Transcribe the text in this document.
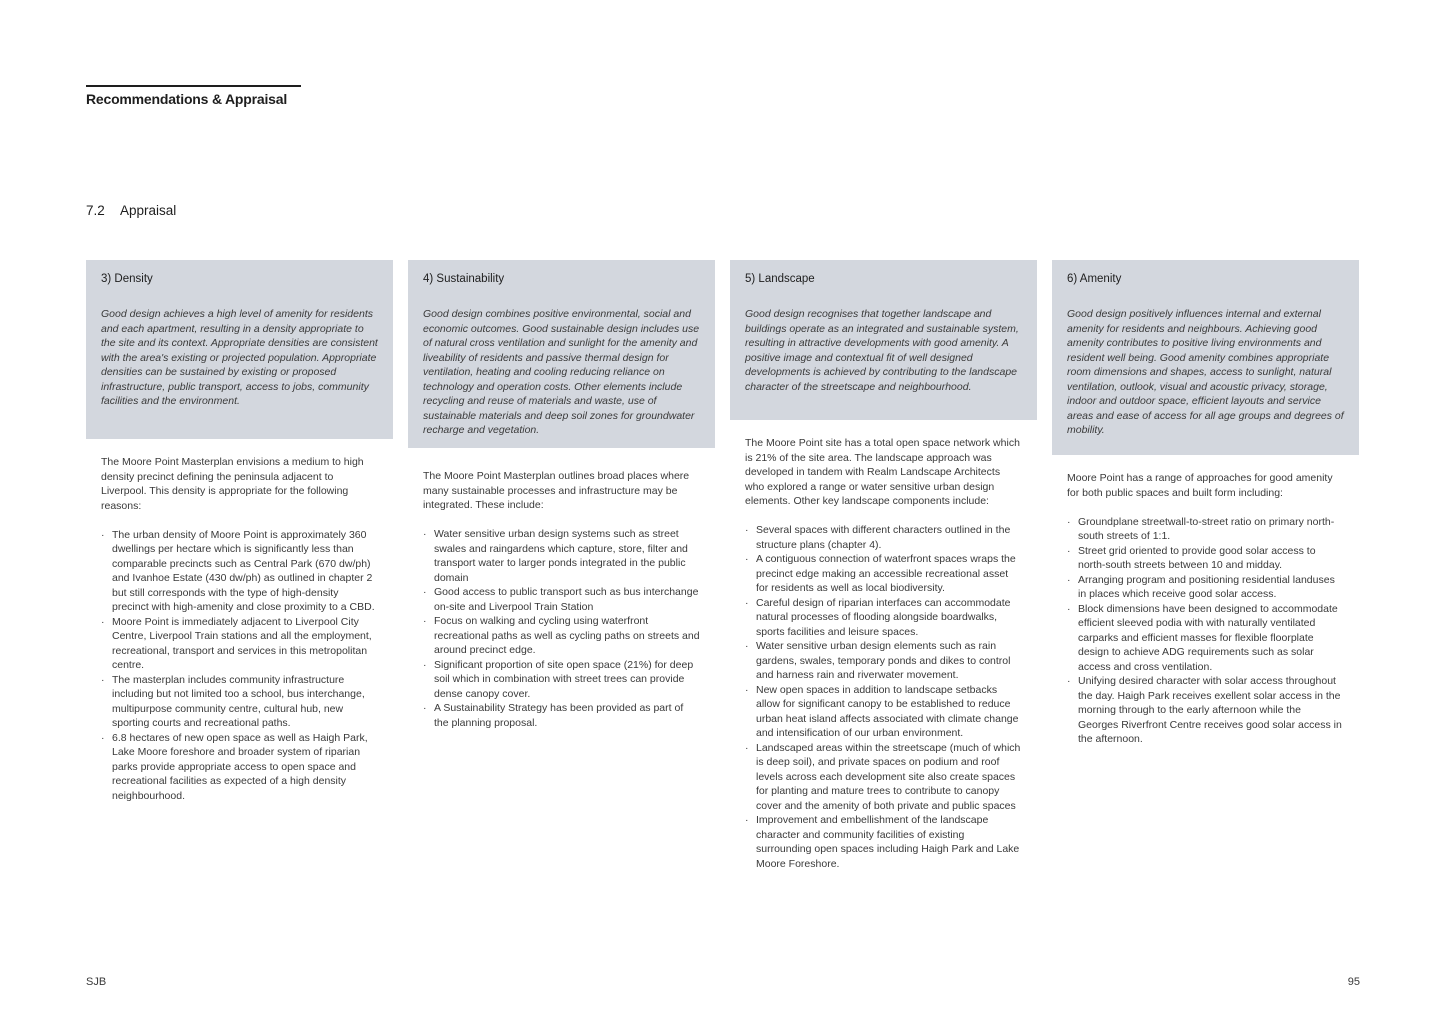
Recommendations & Appraisal
7.2 Appraisal
3) Density

Good design achieves a high level of amenity for residents and each apartment, resulting in a density appropriate to the site and its context. Appropriate densities are consistent with the area's existing or projected population. Appropriate densities can be sustained by existing or proposed infrastructure, public transport, access to jobs, community facilities and the environment.

The Moore Point Masterplan envisions a medium to high density precinct defining the peninsula adjacent to Liverpool. This density is appropriate for the following reasons:

· The urban density of Moore Point is approximately 360 dwellings per hectare which is significantly less than comparable precincts such as Central Park (670 dw/ph) and Ivanhoe Estate (430 dw/ph) as outlined in chapter 2 but still corresponds with the type of high-density precinct with high-amenity and close proximity to a CBD.
· Moore Point is immediately adjacent to Liverpool City Centre, Liverpool Train stations and all the employment, recreational, transport and services in this metropolitan centre.
· The masterplan includes community infrastructure including but not limited too a school, bus interchange, multipurpose community centre, cultural hub, new sporting courts and recreational paths.
· 6.8 hectares of new open space as well as Haigh Park, Lake Moore foreshore and broader system of riparian parks provide appropriate access to open space and recreational facilities as expected of a high density neighbourhood.
4) Sustainability

Good design combines positive environmental, social and economic outcomes. Good sustainable design includes use of natural cross ventilation and sunlight for the amenity and liveability of residents and passive thermal design for ventilation, heating and cooling reducing reliance on technology and operation costs. Other elements include recycling and reuse of materials and waste, use of sustainable materials and deep soil zones for groundwater recharge and vegetation.

The Moore Point Masterplan outlines broad places where many sustainable processes and infrastructure may be integrated. These include:

· Water sensitive urban design systems such as street swales and raingardens which capture, store, filter and transport water to larger ponds integrated in the public domain
· Good access to public transport such as bus interchange on-site and Liverpool Train Station
· Focus on walking and cycling using waterfront recreational paths as well as cycling paths on streets and around precinct edge.
· Significant proportion of site open space (21%) for deep soil which in combination with street trees can provide dense canopy cover.
· A Sustainability Strategy has been provided as part of the planning proposal.
5) Landscape

Good design recognises that together landscape and buildings operate as an integrated and sustainable system, resulting in attractive developments with good amenity. A positive image and contextual fit of well designed developments is achieved by contributing to the landscape character of the streetscape and neighbourhood.

The Moore Point site has a total open space network which is 21% of the site area. The landscape approach was developed in tandem with Realm Landscape Architects who explored a range or water sensitive urban design elements. Other key landscape components include:

· Several spaces with different characters outlined in the structure plans (chapter 4).
· A contiguous connection of waterfront spaces wraps the precinct edge making an accessible recreational asset for residents as well as local biodiversity.
· Careful design of riparian interfaces can accommodate natural processes of flooding alongside boardwalks, sports facilities and leisure spaces.
· Water sensitive urban design elements such as rain gardens, swales, temporary ponds and dikes to control and harness rain and riverwater movement.
· New open spaces in addition to landscape setbacks allow for significant canopy to be established to reduce urban heat island affects associated with climate change and intensification of our urban environment.
· Landscaped areas within the streetscape (much of which is deep soil), and private spaces on podium and roof levels across each development site also create spaces for planting and mature trees to contribute to canopy cover and the amenity of both private and public spaces
· Improvement and embellishment of the landscape character and community facilities of existing surrounding open spaces including Haigh Park and Lake Moore Foreshore.
6) Amenity

Good design positively influences internal and external amenity for residents and neighbours. Achieving good amenity contributes to positive living environments and resident well being. Good amenity combines appropriate room dimensions and shapes, access to sunlight, natural ventilation, outlook, visual and acoustic privacy, storage, indoor and outdoor space, efficient layouts and service areas and ease of access for all age groups and degrees of mobility.

Moore Point has a range of approaches for good amenity for both public spaces and built form including:

· Groundplane streetwall-to-street ratio on primary north-south streets of 1:1.
· Street grid oriented to provide good solar access to north-south streets between 10 and midday.
· Arranging program and positioning residential landuses in places which receive good solar access.
· Block dimensions have been designed to accommodate efficient sleeved podia with with naturally ventilated carparks and efficient masses for flexible floorplate design to achieve ADG requirements such as solar access and cross ventilation.
· Unifying desired character with solar access throughout the day. Haigh Park receives exellent solar access in the morning through to the early afternoon while the Georges Riverfront Centre receives good solar access in the afternoon.
SJB	95
